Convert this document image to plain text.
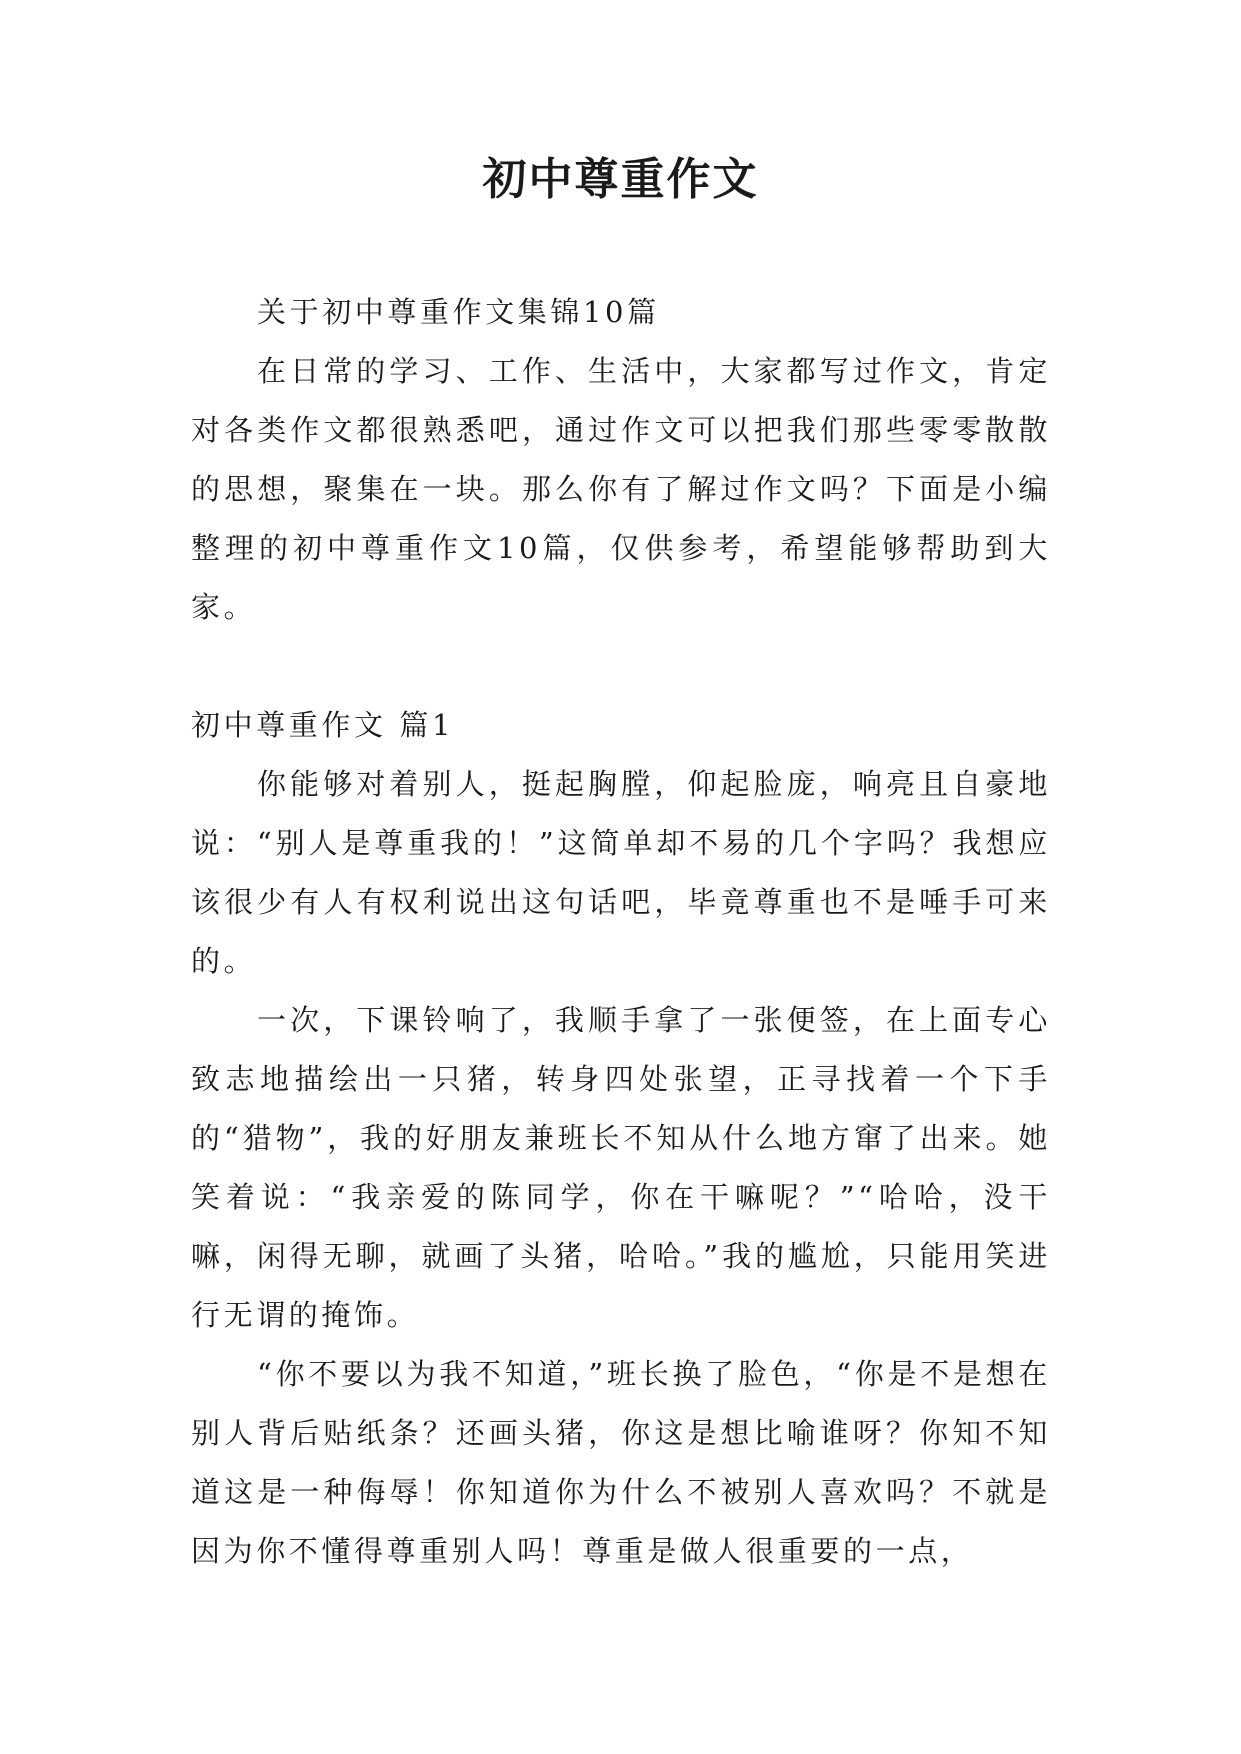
初中尊重作文

关于初中尊重作文集锦10篇

在日常的学习、工作、生活中，大家都写过作文，肯定对各类作文都很熟悉吧，通过作文可以把我们那些零零散散的思想，聚集在一块。那么你有了解过作文吗？下面是小编整理的初中尊重作文10篇，仅供参考，希望能够帮助到大家。

初中尊重作文 篇1

你能够对着别人，挺起胸膛，仰起脸庞，响亮且自豪地说：“别人是尊重我的！”这简单却不易的几个字吗？我想应该很少有人有权利说出这句话吧，毕竟尊重也不是唾手可来的。

一次，下课铃响了，我顺手拿了一张便签，在上面专心致志地描绘出一只猪，转身四处张望，正寻找着一个下手的“猎物”，我的好朋友兼班长不知从什么地方窜了出来。她笑着说：“我亲爱的陈同学，你在干嘛呢？”“哈哈，没干嘛，闲得无聊，就画了头猪，哈哈。”我的尴尬，只能用笑进行无谓的掩饰。

“你不要以为我不知道，”班长换了脸色，“你是不是想在别人背后贴纸条？还画头猪，你这是想比喻谁呀？你知不知道这是一种侮辱！你知道你为什么不被别人喜欢吗？不就是因为你不懂得尊重别人吗！尊重是做人很重要的一点，
